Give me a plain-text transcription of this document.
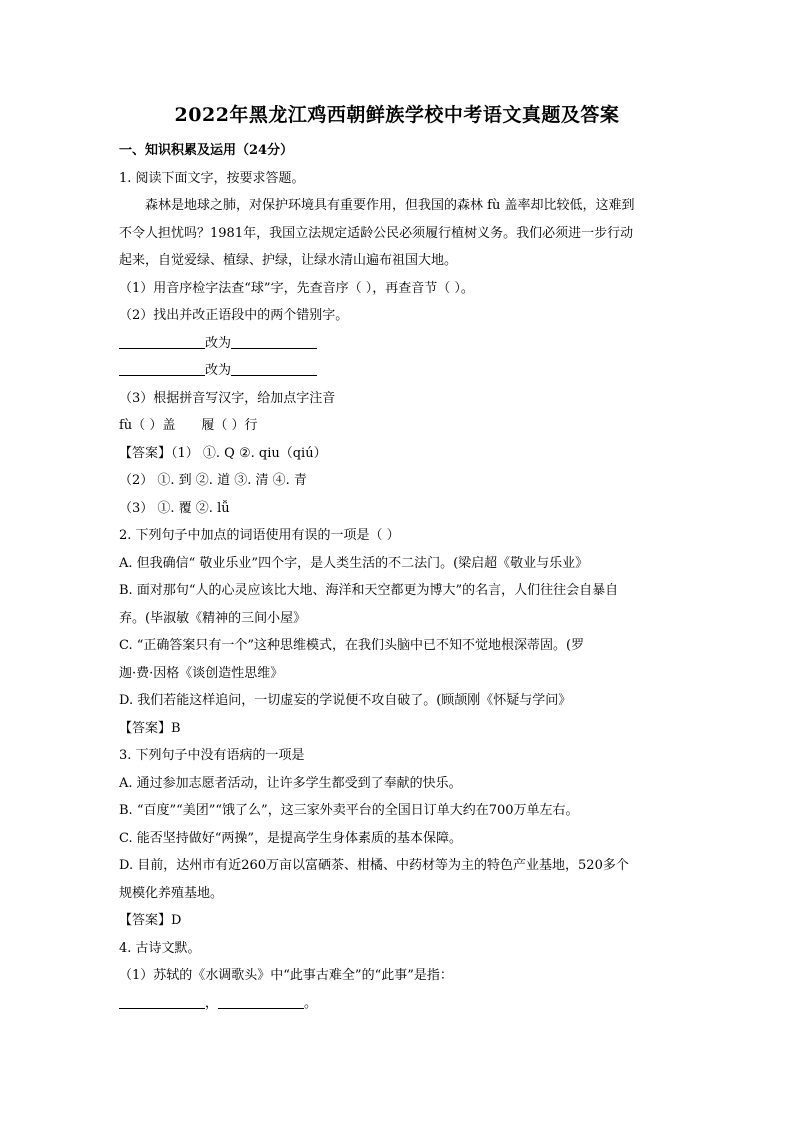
2022年黑龙江鸡西朝鲜族学校中考语文真题及答案
一、知识积累及运用（24分）
1. 阅读下面文字，按要求答题。
森林是地球之肺，对保护环境具有重要作用，但我国的森林 fù 盖率却比较低，这难到
不令人担忧吗？1981年，我国立法规定适龄公民必须履行植树义务。我们必须进一步行动
起来，自觉爱绿、植绿、护绿，让绿水清山遍布祖国大地。
（1）用音序检字法查“球”字，先查音序（ ），再查音节（ ）。
（2）找出并改正语段中的两个错别字。
改为
改为
（3）根据拼音写汉字，给加点字注音
fù（ ）盖 履（ ）行
【答案】（1） ①. Q ②. qiu（qiú）
（2） ①. 到 ②. 道 ③. 清 ④. 青
（3） ①. 覆 ②. lǚ
2. 下列句子中加点的词语使用有误的一项是（ ）
A. 但我确信“ 敬业乐业”四个字，是人类生活的不二法门。(梁启超《敬业与乐业》
B. 面对那句“人的心灵应该比大地、海洋和天空都更为博大”的名言，人们往往会自暴自
弃。(毕淑敏《精神的三间小屋》
C. “正确答案只有一个”这种思维模式，在我们头脑中已不知不觉地根深蒂固。(罗
迦·费·因格《谈创造性思维》
D. 我们若能这样追问，一切虚妄的学说便不攻自破了。(顾颉刚《怀疑与学问》
【答案】B
3. 下列句子中没有语病的一项是
A. 通过参加志愿者活动，让许多学生都受到了奉献的快乐。
B. “百度”“美团”“饿了么”，这三家外卖平台的全国日订单大约在700万单左右。
C. 能否坚持做好“两操”，是提高学生身体素质的基本保障。
D. 目前，达州市有近260万亩以富硒茶、柑橘、中药材等为主的特色产业基地，520多个
规模化养殖基地。
【答案】D
4. 古诗文默。
（1）苏轼的《水调歌头》中“此事古难全”的“此事”是指：
，	。
